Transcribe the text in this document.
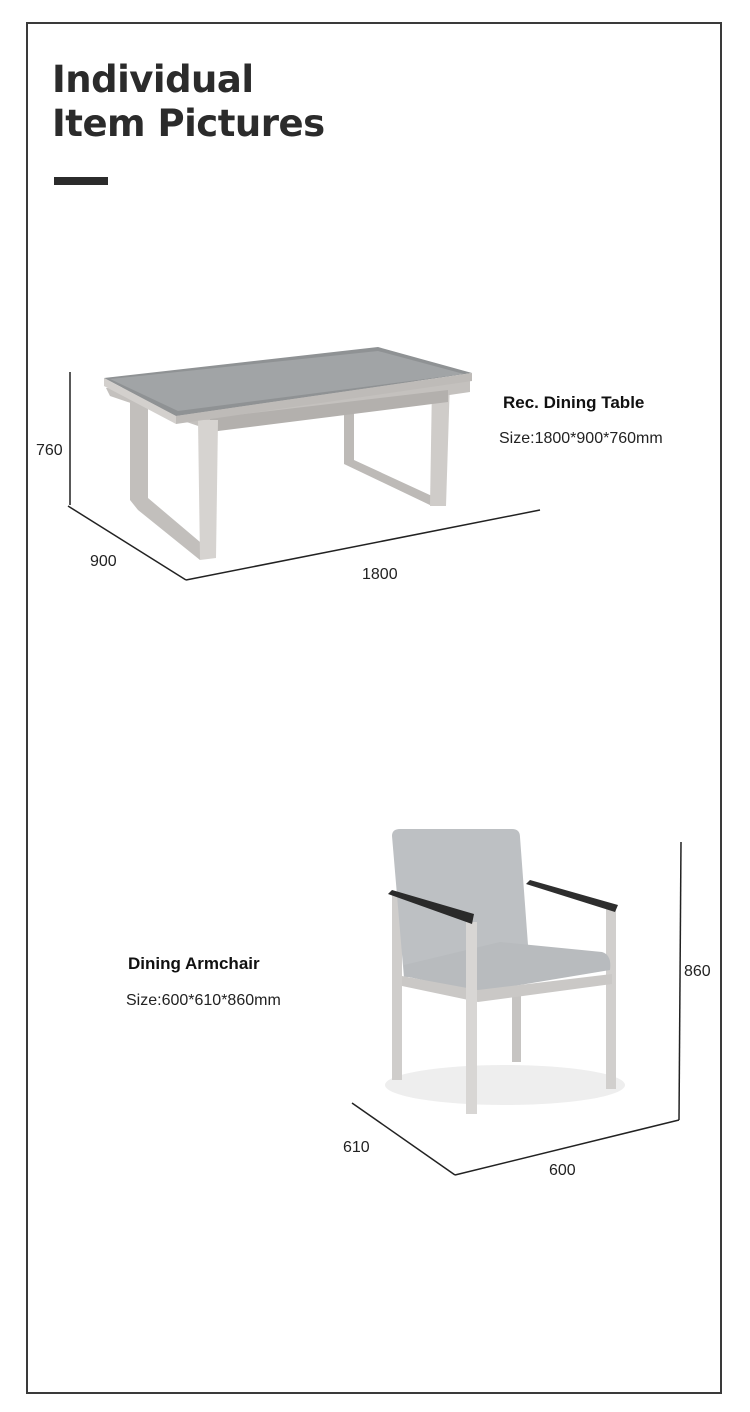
Individual
Item Pictures
760
900
1800
Rec. Dining Table
Size:1800*900*760mm
Dining Armchair
Size:600*610*860mm
860
610
600
